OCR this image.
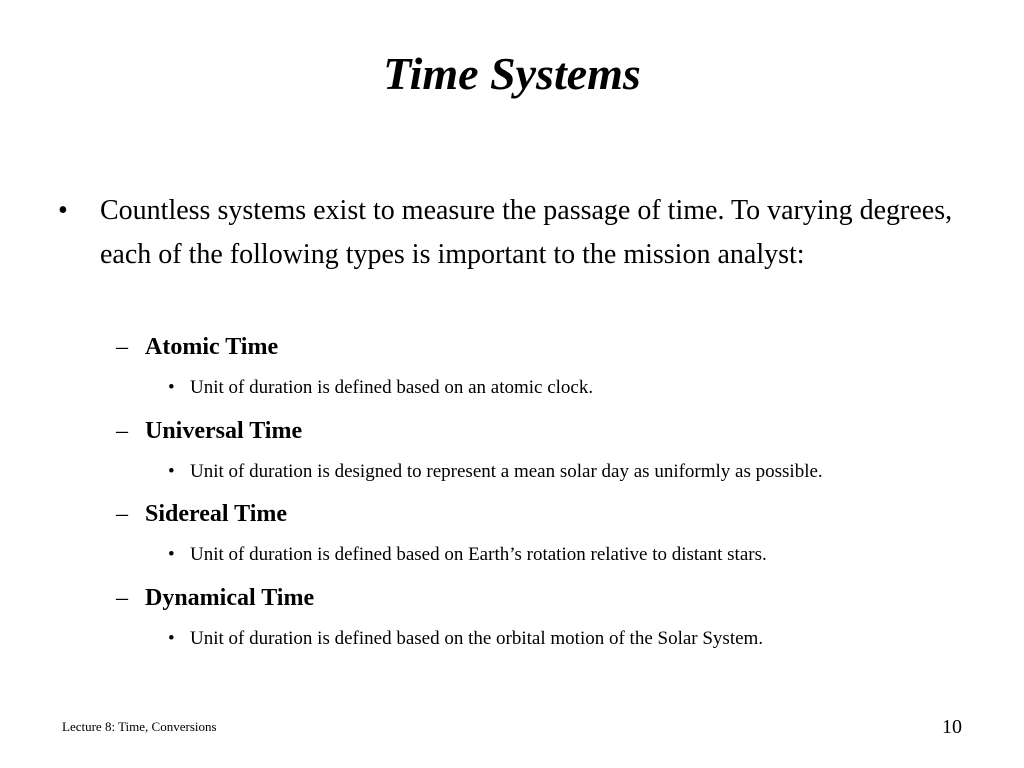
Time Systems
• Countless systems exist to measure the passage of time. To varying degrees, each of the following types is important to the mission analyst:
– Atomic Time
• Unit of duration is defined based on an atomic clock.
– Universal Time
• Unit of duration is designed to represent a mean solar day as uniformly as possible.
– Sidereal Time
• Unit of duration is defined based on Earth’s rotation relative to distant stars.
– Dynamical Time
• Unit of duration is defined based on the orbital motion of the Solar System.
Lecture 8: Time, Conversions	10
